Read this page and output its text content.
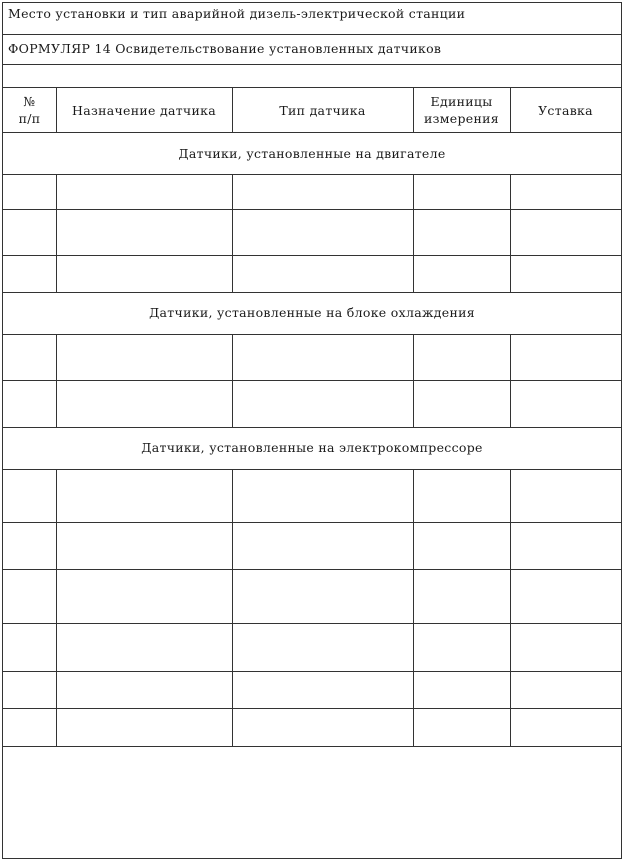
Место установки и тип аварийной дизель-электрической станции
ФОРМУЛЯР 14 Освидетельствование установленных датчиков
№
п/п
Назначение датчика	Тип датчика
Единицы
измерения
Уставка
Датчики, установленные на двигателе
Датчики, установленные на блоке охлаждения
Датчики, установленные на электрокомпрессоре
